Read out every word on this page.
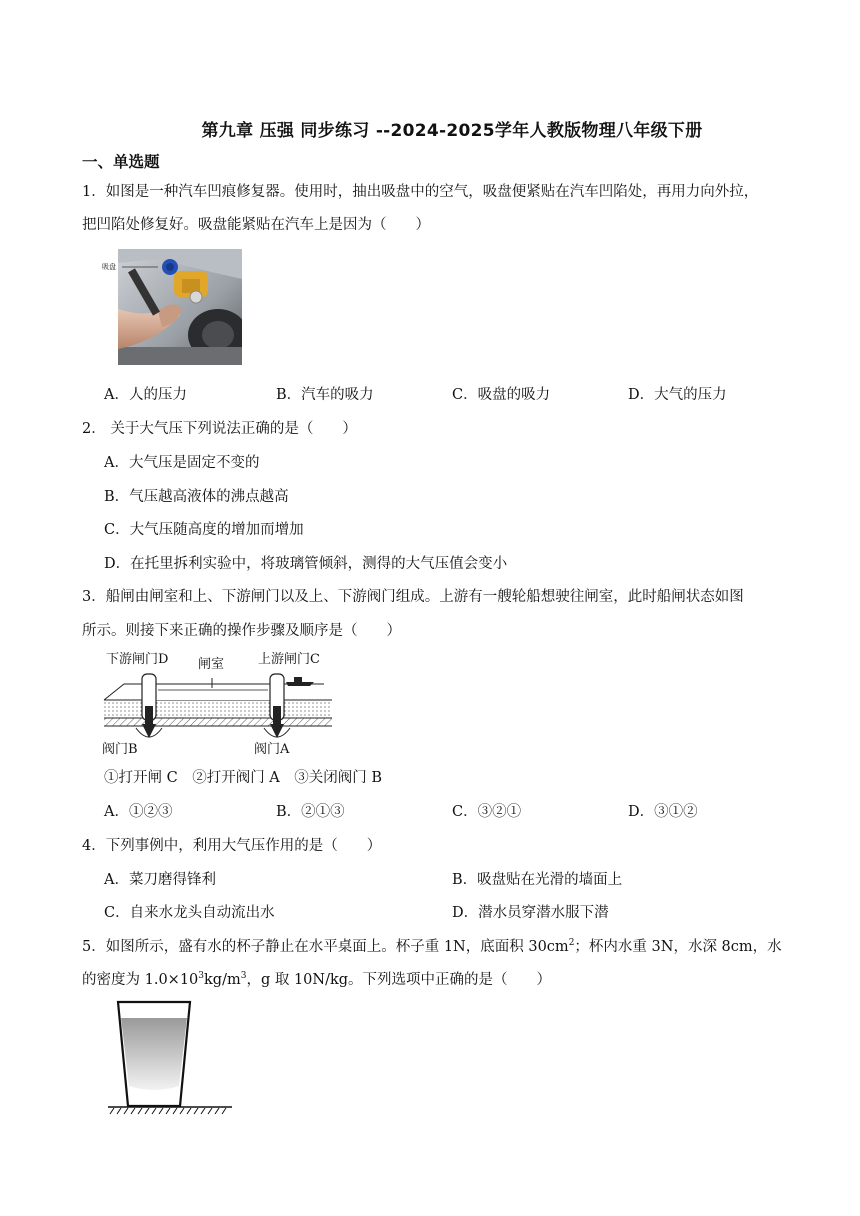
第九章 压强 同步练习 --2024-2025学年人教版物理八年级下册
一、单选题
1．如图是一种汽车凹痕修复器。使用时，抽出吸盘中的空气，吸盘便紧贴在汽车凹陷处，再用力向外拉，
把凹陷处修复好。吸盘能紧贴在汽车上是因为（　　）
吸盘
A．人的压力	B．汽车的吸力	C．吸盘的吸力	D．大气的压力
2． 关于大气压下列说法正确的是（　　）
A．大气压是固定不变的
B．气压越高液体的沸点越高
C．大气压随高度的增加而增加
D．在托里拆利实验中，将玻璃管倾斜，测得的大气压值会变小
3．船闸由闸室和上、下游闸门以及上、下游阀门组成。上游有一艘轮船想驶往闸室，此时船闸状态如图
所示。则接下来正确的操作步骤及顺序是（　　）
下游闸门D 闸室	上游闸门C
阀门B	阀门A
①打开闸 C　②打开阀门 A　③关闭阀门 B
A．①②③	B．②①③	C．③②①	D．③①②
4．下列事例中，利用大气压作用的是（　　）
A．菜刀磨得锋利	B．吸盘贴在光滑的墙面上
C．自来水龙头自动流出水	D．潜水员穿潜水服下潜
5．如图所示，盛有水的杯子静止在水平桌面上。杯子重 1N，底面积 $30cm^2$；杯内水重 3N，水深 8cm，水
的密度为 $1.0\times 10^3kg/m^3$，g 取 10N/kg。下列选项中正确的是（　　）
